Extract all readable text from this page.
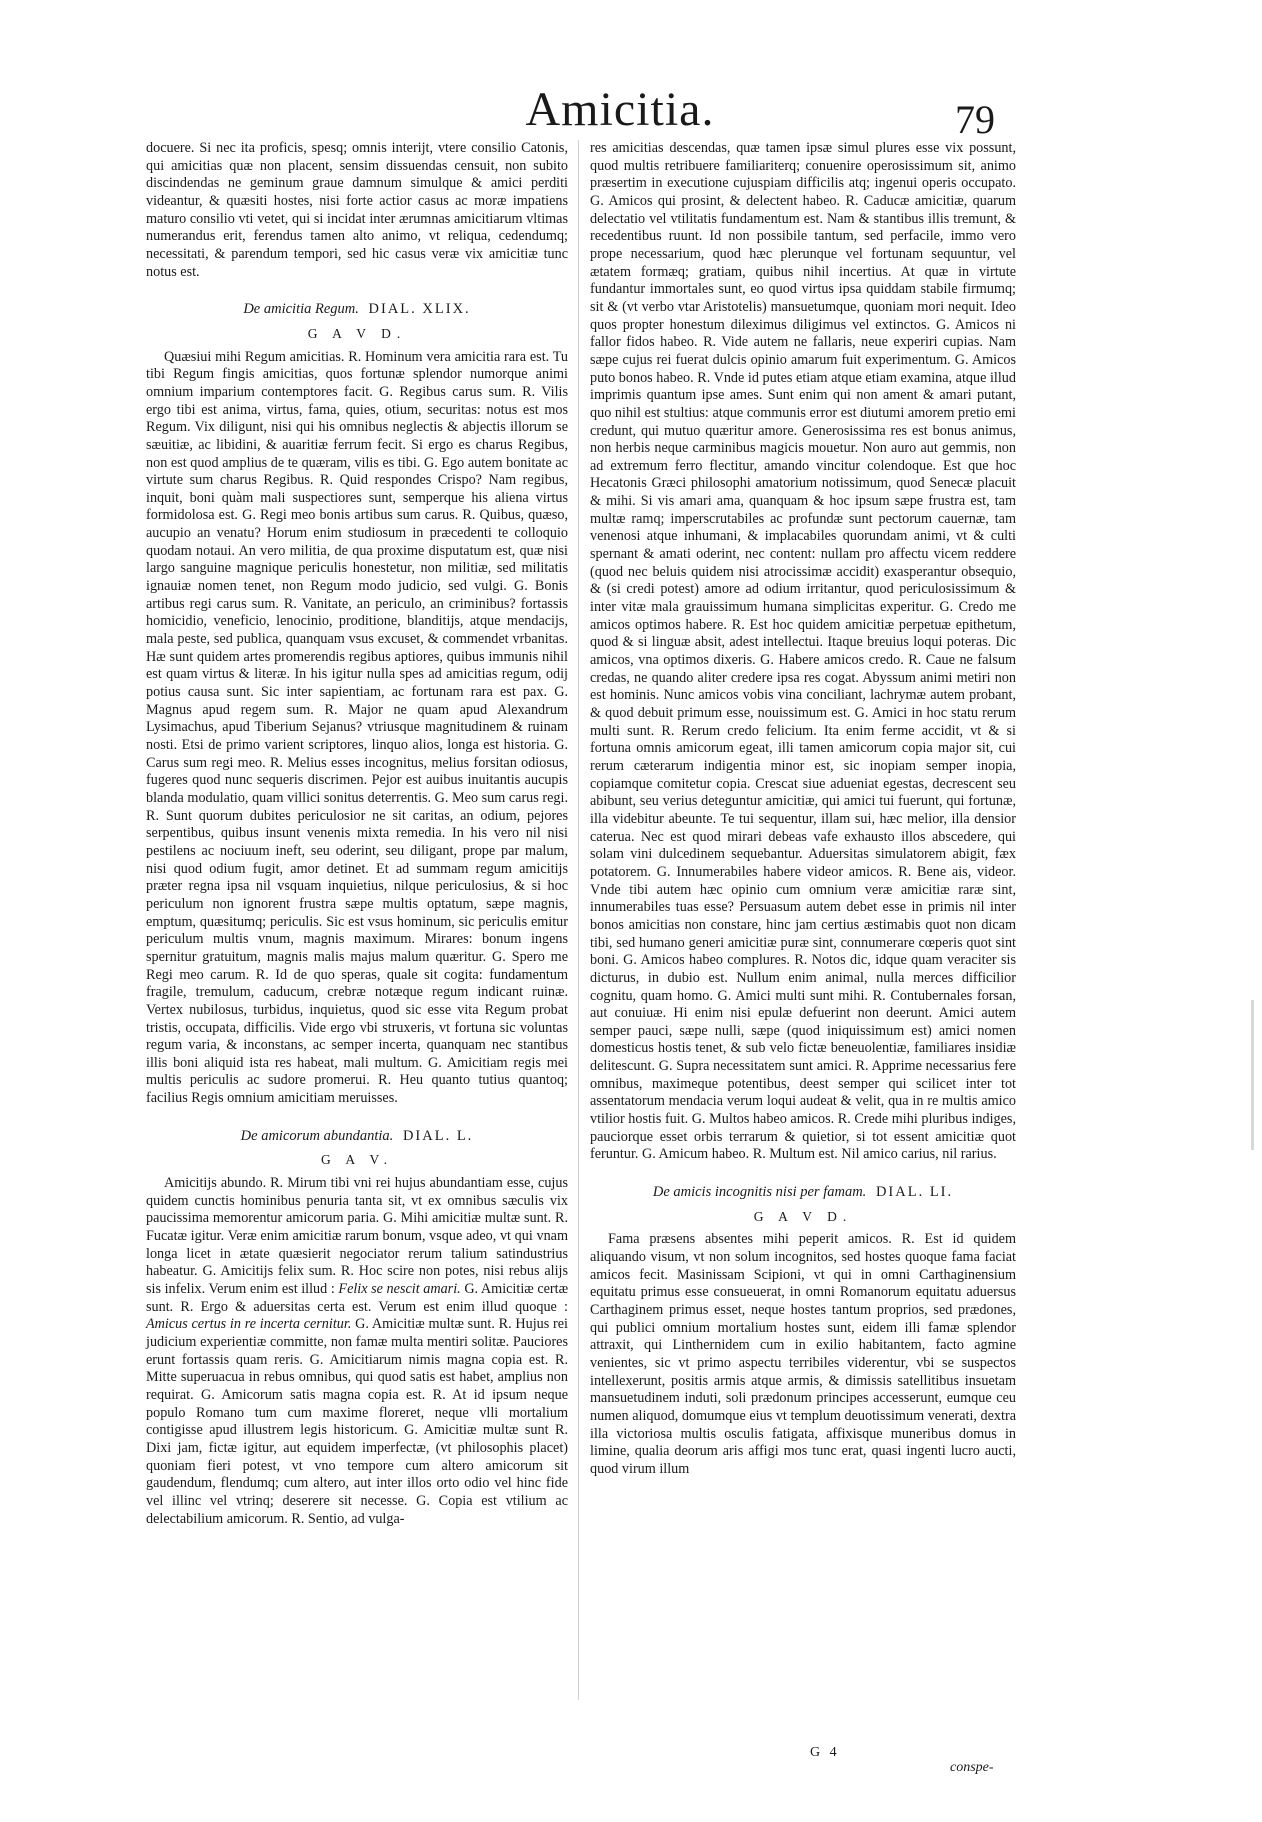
Amicitia.	79

docuere. Si nec ita proficis, spesq; omnis interijt, vtere consilio Catonis, qui amicitias quæ non placent, sensim dissuendas censuit, non subito discindendas ne geminum graue damnum simulque & amici perditi videantur, & quæsiti hostes, nisi forte actior casus ac moræ impatiens maturo consilio vti vetet, qui si incidat inter ærumnas amicitiarum vltimas numerandus erit, ferendus tamen alto animo, vt reliqua, cedendumq; necessitati, & parendum tempori, sed hic casus veræ vix amicitiæ tunc notus est.

De amicitia Regum. DIAL. XLIX.
G A V D.

Quæsiui mihi Regum amicitias. R. Hominum vera amicitia rara est. Tu tibi Regum fingis amicitias, quos fortunæ splendor numorque animi omnium imparium contemptores facit. G. Regibus carus sum. R. Vilis ergo tibi est anima, virtus, fama, quies, otium, securitas: notus est mos Regum. Vix diligunt, nisi qui his omnibus neglectis & abjectis illorum se sæuitiæ, ac libidini, & auaritiæ ferrum fecit. Si ergo es charus Regibus, non est quod amplius de te quæram, vilis es tibi. G. Ego autem bonitate ac virtute sum charus Regibus. R. Quid respondes Crispo? Nam regibus, inquit, boni quàm mali suspectiores sunt, semperque his aliena virtus formidolosa est. G. Regi meo bonis artibus sum carus. R. Quibus, quæso, aucupio an venatu? Horum enim studiosum in præcedenti te colloquio quodam notaui. An vero militia, de qua proxime disputatum est, quæ nisi largo sanguine magnique periculis honestetur, non militiæ, sed militatis ignauiæ nomen tenet, non Regum modo judicio, sed vulgi. G. Bonis artibus regi carus sum. R. Vanitate, an periculo, an criminibus? fortassis homicidio, veneficio, lenocinio, proditione, blanditijs, atque mendacijs, mala peste, sed publica, quanquam vsus excuset, & commendet vrbanitas. Hæ sunt quidem artes promerendis regibus aptiores, quibus immunis nihil est quam virtus & literæ. In his igitur nulla spes ad amicitias regum, odij potius causa sunt. Sic inter sapientiam, ac fortunam rara est pax. G. Magnus apud regem sum. R. Major ne quam apud Alexandrum Lysimachus, apud Tiberium Sejanus? vtriusque magnitudinem & ruinam nosti. Etsi de primo varient scriptores, linquo alios, longa est historia. G. Carus sum regi meo. R. Melius esses incognitus, melius forsitan odiosus, fugeres quod nunc sequeris discrimen. Pejor est auibus inuitantis aucupis blanda modulatio, quam villici sonitus deterrentis. G. Meo sum carus regi. R. Sunt quorum dubites periculosior ne sit caritas, an odium, pejores serpentibus, quibus insunt venenis mixta remedia. In his vero nil nisi pestilens ac nociuum ineft, seu oderint, seu diligant, prope par malum, nisi quod odium fugit, amor detinet. Et ad summam regum amicitijs præter regna ipsa nil vsquam inquietius, nilque periculosius, & si hoc periculum non ignorent frustra sæpe multis optatum, sæpe magnis, emptum, quæsitumq; periculis. Sic est vsus hominum, sic periculis emitur periculum multis vnum, magnis maximum. Mirares: bonum ingens spernitur gratuitum, magnis malis majus malum quæritur. G. Spero me Regi meo carum. R. Id de quo speras, quale sit cogita: fundamentum fragile, tremulum, caducum, crebræ notæque regum indicant ruinæ. Vertex nubilosus, turbidus, inquietus, quod sic esse vita Regum probat tristis, occupata, difficilis. Vide ergo vbi struxeris, vt fortuna sic voluntas regum varia, & inconstans, ac semper incerta, quanquam nec stantibus illis boni aliquid ista res habeat, mali multum. G. Amicitiam regis mei multis periculis ac sudore promerui. R. Heu quanto tutius quantoq; facilius Regis omnium amicitiam meruisses.

De amicorum abundantia. DIAL. L.
G A V.

Amicitijs abundo. R. Mirum tibi vni rei hujus abundantiam esse, cujus quidem cunctis hominibus penuria tanta sit, vt ex omnibus sæculis vix paucissima memorentur amicorum paria. G. Mihi amicitiæ multæ sunt. R. Fucatæ igitur. Veræ enim amicitiæ rarum bonum, vsque adeo, vt qui vnam longa licet in ætate quæsierit negociator rerum talium satindustrius habeatur. G. Amicitijs felix sum. R. Hoc scire non potes, nisi rebus alijs sis infelix. Verum enim est illud : Felix se nescit amari. G. Amicitiæ certæ sunt. R. Ergo & aduersitas certa est. Verum est enim illud quoque : Amicus certus in re incerta cernitur. G. Amicitiæ multæ sunt. R. Hujus rei judicium experientiæ committe, non famæ multa mentiri solitæ. Pauciores erunt fortassis quam reris. G. Amicitiarum nimis magna copia est. R. Mitte superuacua in rebus omnibus, qui quod satis est habet, amplius non requirat. G. Amicorum satis magna copia est. R. At id ipsum neque populo Romano tum cum maxime floreret, neque vlli mortalium contigisse apud illustrem legis historicum. G. Amicitiæ multæ sunt R. Dixi jam, fictæ igitur, aut equidem imperfectæ, (vt philosophis placet) quoniam fieri potest, vt vno tempore cum altero amicorum sit gaudendum, flendumq; cum altero, aut inter illos orto odio vel hinc fide vel illinc vel vtrinq; deserere sit necesse. G. Copia est vtilium ac delectabilium amicorum. R. Sentio, ad vulga-

res amicitias descendas, quæ tamen ipsæ simul plures esse vix possunt, quod multis retribuere familiariterq; conuenire operosissimum sit, animo præsertim in executione cujuspiam difficilis atq; ingenui operis occupato. G. Amicos qui prosint, & delectent habeo. R. Caducæ amicitiæ, quarum delectatio vel vtilitatis fundamentum est. Nam & stantibus illis tremunt, & recedentibus ruunt. Id non possibile tantum, sed perfacile, immo vero prope necessarium, quod hæc plerunque vel fortunam sequuntur, vel ætatem formæq; gratiam, quibus nihil incertius. At quæ in virtute fundantur immortales sunt, eo quod virtus ipsa quiddam stabile firmumq; sit & (vt verbo vtar Aristotelis) mansuetumque, quoniam mori nequit. Ideo quos propter honestum dileximus diligimus vel extinctos. G. Amicos ni fallor fidos habeo. R. Vide autem ne fallaris, neue experiri cupias. Nam sæpe cujus rei fuerat dulcis opinio amarum fuit experimentum. G. Amicos puto bonos habeo. R. Vnde id putes etiam atque etiam examina, atque illud imprimis quantum ipse ames. Sunt enim qui non ament & amari putant, quo nihil est stultius: atque communis error est diutumi amorem pretio emi credunt, qui mutuo quæritur amore. Generosissima res est bonus animus, non herbis neque carminibus magicis mouetur. Non auro aut gemmis, non ad extremum ferro flectitur, amando vincitur colendoque. Est que hoc Hecatonis Græci philosophi amatorium notissimum, quod Senecæ placuit & mihi. Si vis amari ama, quanquam & hoc ipsum sæpe frustra est, tam multæ ramq; imperscrutabiles ac profundæ sunt pectorum cauernæ, tam venenosi atque inhumani, & implacabiles quorundam animi, vt & culti spernant & amati oderint, nec content: nullam pro affectu vicem reddere (quod nec beluis quidem nisi atrocissimæ accidit) exasperantur obsequio, & (si credi potest) amore ad odium irritantur, quod periculosissimum & inter vitæ mala grauissimum humana simplicitas experitur. G. Credo me amicos optimos habere. R. Est hoc quidem amicitiæ perpetuæ epithetum, quod & si linguæ absit, adest intellectui. Itaque breuius loqui poteras. Dic amicos, vna optimos dixeris. G. Habere amicos credo. R. Caue ne falsum credas, ne quando aliter credere ipsa res cogat. Abyssum animi metiri non est hominis. Nunc amicos vobis vina conciliant, lachrymæ autem probant, & quod debuit primum esse, nouissimum est. G. Amici in hoc statu rerum multi sunt. R. Rerum credo felicium. Ita enim ferme accidit, vt & si fortuna omnis amicorum egeat, illi tamen amicorum copia major sit, cui rerum cæterarum indigentia minor est, sic inopiam semper inopia, copiamque comitetur copia. Crescat siue adueniat egestas, decrescent seu abibunt, seu verius deteguntur amicitiæ, qui amici tui fuerunt, qui fortunæ, illa videbitur abeunte. Te tui sequentur, illam sui, hæc melior, illa densior caterua. Nec est quod mirari debeas vafe exhausto illos abscedere, qui solam vini dulcedinem sequebantur. Aduersitas simulatorem abigit, fæx potatorem. G. Innumerabiles habere videor amicos. R. Bene ais, videor. Vnde tibi autem hæc opinio cum omnium veræ amicitiæ raræ sint, innumerabiles tuas esse? Persuasum autem debet esse in primis nil inter bonos amicitias non constare, hinc jam certius æstimabis quot non dicam tibi, sed humano generi amicitiæ puræ sint, connumerare cœperis quot sint boni. G. Amicos habeo complures. R. Notos dic, idque quam veraciter sis dicturus, in dubio est. Nullum enim animal, nulla merces difficilior cognitu, quam homo. G. Amici multi sunt mihi. R. Contubernales forsan, aut conuiuæ. Hi enim nisi epulæ defuerint non deerunt. Amici autem semper pauci, sæpe nulli, sæpe (quod iniquissimum est) amici nomen domesticus hostis tenet, & sub velo fictæ beneuolentiæ, familiares insidiæ delitescunt. G. Supra necessitatem sunt amici. R. Apprime necessarius fere omnibus, maximeque potentibus, deest semper qui scilicet inter tot assentatorum mendacia verum loqui audeat & velit, qua in re multis amico vtilior hostis fuit. G. Multos habeo amicos. R. Crede mihi pluribus indiges, pauciorque esset orbis terrarum & quietior, si tot essent amicitiæ quot feruntur. G. Amicum habeo. R. Multum est. Nil amico carius, nil rarius.

De amicis incognitis nisi per famam. DIAL. LI.
G A V D.

Fama præsens absentes mihi peperit amicos. R. Est id quidem aliquando visum, vt non solum incognitos, sed hostes quoque fama faciat amicos fecit. Masinissam Scipioni, vt qui in omni Carthaginensium equitatu primus esse consueuerat, in omni Romanorum equitatu aduersus Carthaginem primus esset, neque hostes tantum proprios, sed prædones, qui publici omnium mortalium hostes sunt, eidem illi famæ splendor attraxit, qui Linthernidem cum in exilio habitantem, facto agmine venientes, sic vt primo aspectu terribiles viderentur, vbi se suspectos intellexerunt, positis armis atque armis, & dimissis satellitibus insuetam mansuetudinem induti, soli prædonum principes accesserunt, eumque ceu numen aliquod, domumque eius vt templum deuotissimum venerati, dextra illa victoriosa multis osculis fatigata, affixisque muneribus domus in limine, qualia deorum aris affigi mos tunc erat, quasi ingenti lucro aucti, quod virum illum

G 4
conspe-
